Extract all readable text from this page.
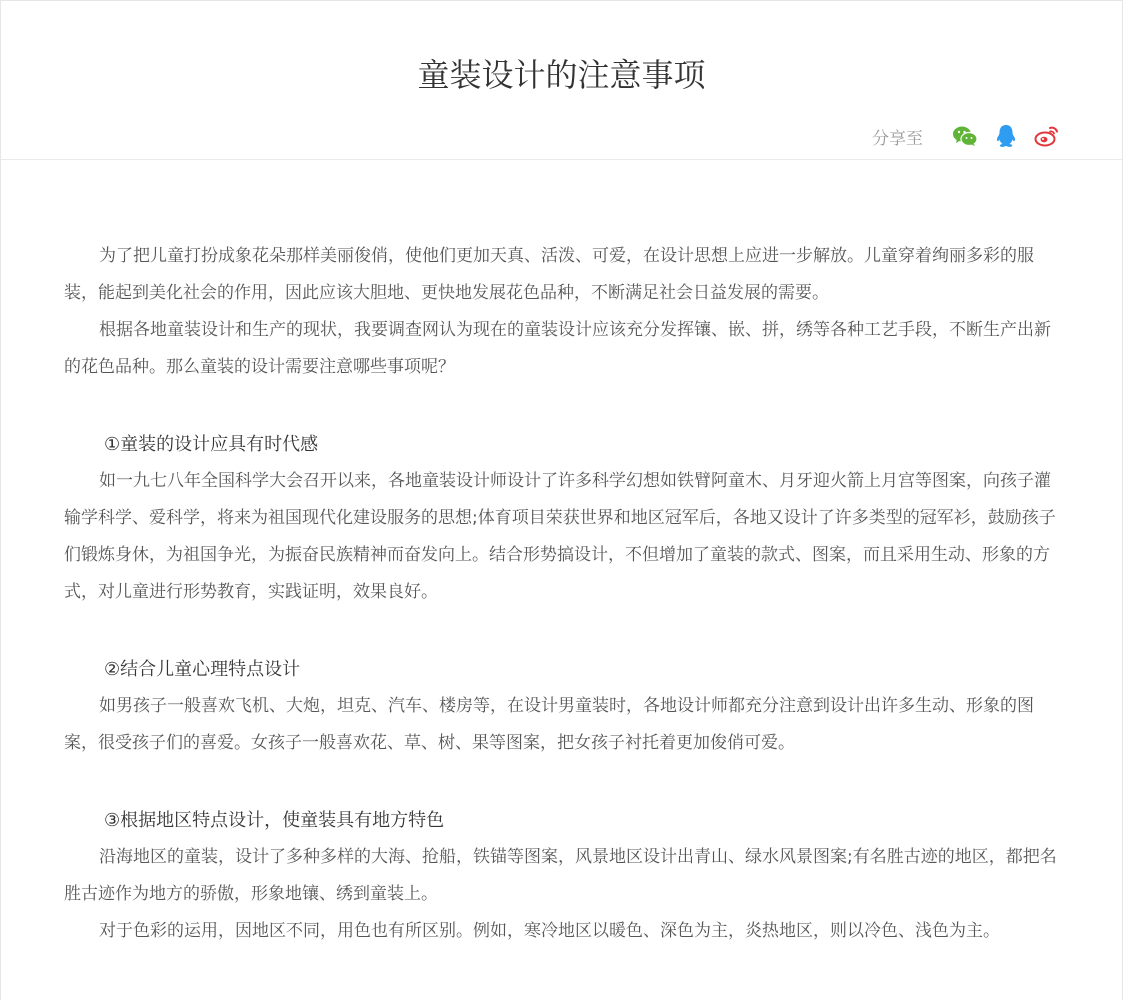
童装设计的注意事项
分享至

为了把儿童打扮成象花朵那样美丽俊俏，使他们更加天真、活泼、可爱，在设计思想上应进一步解放。儿童穿着绚丽多彩的服装，能起到美化社会的作用，因此应该大胆地、更快地发展花色品种，不断满足社会日益发展的需要。

根据各地童装设计和生产的现状，我要调查网认为现在的童装设计应该充分发挥镶、嵌、拼，绣等各种工艺手段，不断生产出新的花色品种。那么童装的设计需要注意哪些事项呢？

①童装的设计应具有时代感

如一九七八年全国科学大会召开以来，各地童装设计师设计了许多科学幻想如铁臂阿童木、月牙迎火箭上月宫等图案，向孩子灌输学科学、爱科学，将来为祖国现代化建设服务的思想;体育项目荣获世界和地区冠军后，各地又设计了许多类型的冠军衫，鼓励孩子们锻炼身休，为祖国争光，为振奋民族精神而奋发向上。结合形势搞设计，不但增加了童装的款式、图案，而且采用生动、形象的方式，对儿童进行形势教育，实践证明，效果良好。

②结合儿童心理特点设计

如男孩子一般喜欢飞机、大炮，坦克、汽车、楼房等，在设计男童装时，各地设计师都充分注意到设计出许多生动、形象的图案，很受孩子们的喜爱。女孩子一般喜欢花、草、树、果等图案，把女孩子衬托着更加俊俏可爱。

③根据地区特点设计，使童装具有地方特色

沿海地区的童装，设计了多种多样的大海、抢船，铁锚等图案，风景地区设计出青山、绿水风景图案;有名胜古迹的地区，都把名胜古迹作为地方的骄傲，形象地镶、绣到童装上。

对于色彩的运用，因地区不同，用色也有所区别。例如，寒冷地区以暖色、深色为主，炎热地区，则以冷色、浅色为主。
